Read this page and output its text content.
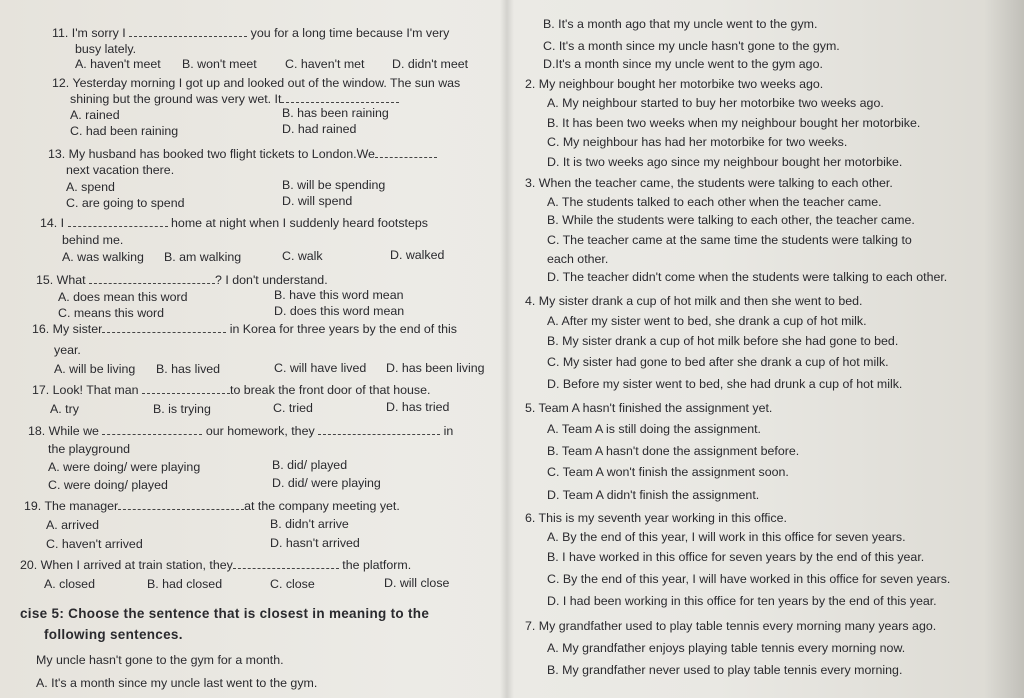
11. I'm sorry I	you for a long time because I'm very
busy lately.
A. haven't meet B. won't meet C. haven't met D. didn't meet
12. Yesterday morning I got up and looked out of the window. The sun was
shining but the ground was very wet. It
A. rained	B. has been raining
C. had been raining	D. had rained
13. My husband has booked two flight tickets to London.We
next vacation there.
A. spend	B. will be spending
C. are going to spend	D. will spend
14. I	home at night when I suddenly heard footsteps
behind me.
A. was walking B. am walking	C. walk	D. walked
15. What	? I don't understand.
A. does mean this word	B. have this word mean
C. means this word	D. does this word mean
16. My sister	in Korea for three years by the end of this
year.
A. will be living B. has lived	C. will have lived D. has been living
17. Look! That man	to break the front door of that house.
A. try	B. is trying	C. tried	D. has tried
18. While we	our homework, they	in
the playground
A. were doing/ were playing	B. did/ played
C. were doing/ played	D. did/ were playing
19. The manager	at the company meeting yet.
A. arrived	B. didn't arrive
C. haven't arrived	D. hasn't arrived
20. When I arrived at train station, they	the platform.
A. closed	B. had closed	C. close	D. will close
cise 5: Choose the sentence that is closest in meaning to the
following sentences.
My uncle hasn't gone to the gym for a month.
A. It's a month since my uncle last went to the gym.
B. It's a month ago that my uncle went to the gym.
C. It's a month since my uncle hasn't gone to the gym.
D.It's a month since my uncle went to the gym ago.
2. My neighbour bought her motorbike two weeks ago.
A. My neighbour started to buy her motorbike two weeks ago.
B. It has been two weeks when my neighbour bought her motorbike.
C. My neighbour has had her motorbike for two weeks.
D. It is two weeks ago since my neighbour bought her motorbike.
3. When the teacher came, the students were talking to each other.
A. The students talked to each other when the teacher came.
B. While the students were talking to each other, the teacher came.
C. The teacher came at the same time the students were talking to
each other.
D. The teacher didn't come when the students were talking to each other.
4. My sister drank a cup of hot milk and then she went to bed.
A. After my sister went to bed, she drank a cup of hot milk.
B. My sister drank a cup of hot milk before she had gone to bed.
C. My sister had gone to bed after she drank a cup of hot milk.
D. Before my sister went to bed, she had drunk a cup of hot milk.
5. Team A hasn't finished the assignment yet.
A. Team A is still doing the assignment.
B. Team A hasn't done the assignment before.
C. Team A won't finish the assignment soon.
D. Team A didn't finish the assignment.
6. This is my seventh year working in this office.
A. By the end of this year, I will work in this office for seven years.
B. I have worked in this office for seven years by the end of this year.
C. By the end of this year, I will have worked in this office for seven years.
D. I had been working in this office for ten years by the end of this year.
7. My grandfather used to play table tennis every morning many years ago.
A. My grandfather enjoys playing table tennis every morning now.
B. My grandfather never used to play table tennis every morning.
